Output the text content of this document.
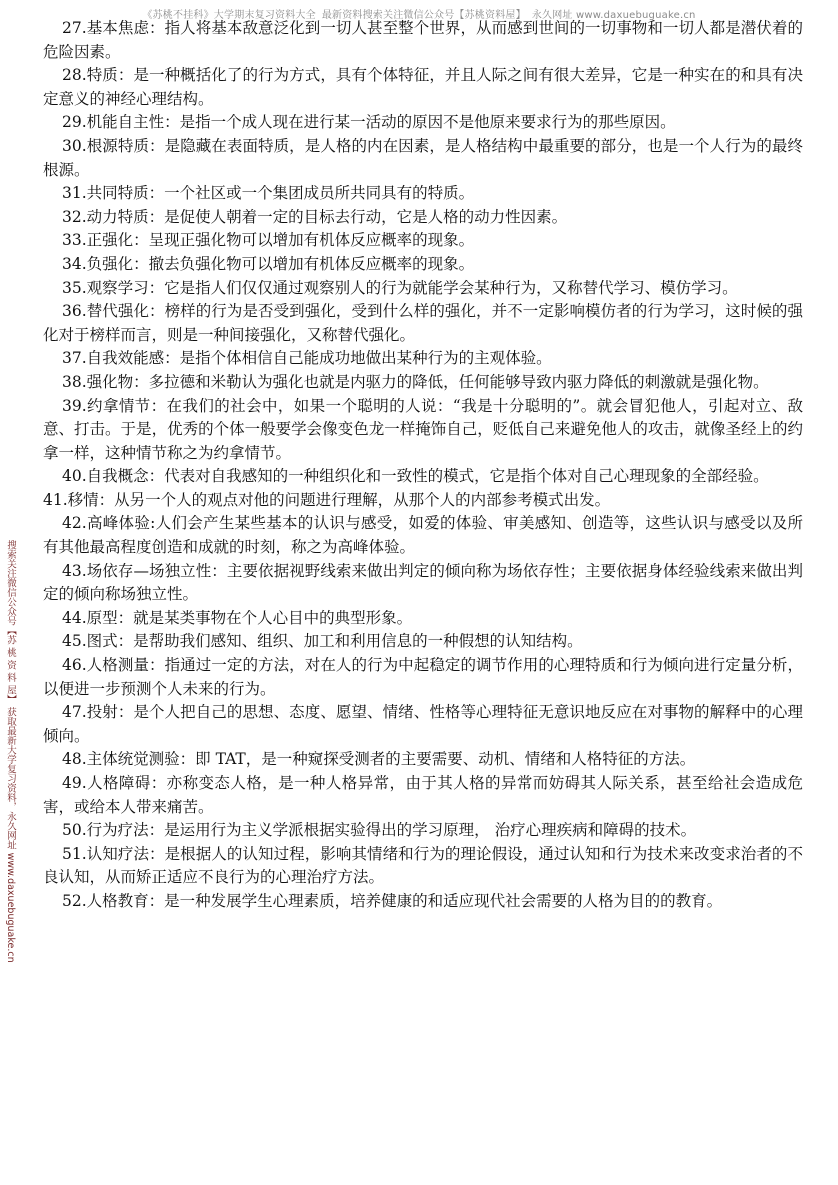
《苏桃不挂科》大学期末复习资料大全 最新资料搜索关注微信公众号【苏桃资料屋】 永久网址 www.daxuebuguake.cn
搜索关注微信公众号【苏 桃 资 料 屋】 获取最新大学复习资料，永久网址 www.daxuebuguake.cn

27.基本焦虑：指人将基本敌意泛化到一切人甚至整个世界，从而感到世间的一切事物和一切人都是潜伏着的危险因素。

28.特质：是一种概括化了的行为方式，具有个体特征，并且人际之间有很大差异，它是一种实在的和具有决定意义的神经心理结构。

29.机能自主性：是指一个成人现在进行某一活动的原因不是他原来要求行为的那些原因。

30.根源特质：是隐藏在表面特质，是人格的内在因素，是人格结构中最重要的部分，也是一个人行为的最终根源。

31.共同特质：一个社区或一个集团成员所共同具有的特质。

32.动力特质：是促使人朝着一定的目标去行动，它是人格的动力性因素。

33.正强化：呈现正强化物可以增加有机体反应概率的现象。

34.负强化：撤去负强化物可以增加有机体反应概率的现象。

35.观察学习：它是指人们仅仅通过观察别人的行为就能学会某种行为，又称替代学习、模仿学习。

36.替代强化：榜样的行为是否受到强化，受到什么样的强化，并不一定影响模仿者的行为学习，这时候的强化对于榜样而言，则是一种间接强化，又称替代强化。

37.自我效能感：是指个体相信自己能成功地做出某种行为的主观体验。

38.强化物：多拉德和米勒认为强化也就是内驱力的降低，任何能够导致内驱力降低的刺激就是强化物。

39.约拿情节：在我们的社会中，如果一个聪明的人说：“我是十分聪明的”。就会冒犯他人，引起对立、敌意、打击。于是，优秀的个体一般要学会像变色龙一样掩饰自己，贬低自己来避免他人的攻击，就像圣经上的约拿一样，这种情节称之为约拿情节。

40.自我概念：代表对自我感知的一种组织化和一致性的模式，它是指个体对自己心理现象的全部经验。

41.移情：从另一个人的观点对他的问题进行理解，从那个人的内部参考模式出发。

42.高峰体验:人们会产生某些基本的认识与感受，如爱的体验、审美感知、创造等，这些认识与感受以及所有其他最高程度创造和成就的时刻，称之为高峰体验。

43.场依存—场独立性：主要依据视野线索来做出判定的倾向称为场依存性；主要依据身体经验线索来做出判定的倾向称场独立性。

44.原型：就是某类事物在个人心目中的典型形象。

45.图式：是帮助我们感知、组织、加工和利用信息的一种假想的认知结构。

46.人格测量：指通过一定的方法，对在人的行为中起稳定的调节作用的心理特质和行为倾向进行定量分析，以便进一步预测个人未来的行为。

47.投射：是个人把自己的思想、态度、愿望、情绪、性格等心理特征无意识地反应在对事物的解释中的心理倾向。

48.主体统觉测验：即 TAT，是一种窥探受测者的主要需要、动机、情绪和人格特征的方法。

49.人格障碍：亦称变态人格，是一种人格异常，由于其人格的异常而妨碍其人际关系，甚至给社会造成危害，或给本人带来痛苦。

50.行为疗法：是运用行为主义学派根据实验得出的学习原理， 治疗心理疾病和障碍的技术。

51.认知疗法：是根据人的认知过程，影响其情绪和行为的理论假设，通过认知和行为技术来改变求治者的不良认知，从而矫正适应不良行为的心理治疗方法。

52.人格教育：是一种发展学生心理素质，培养健康的和适应现代社会需要的人格为目的的教育。
